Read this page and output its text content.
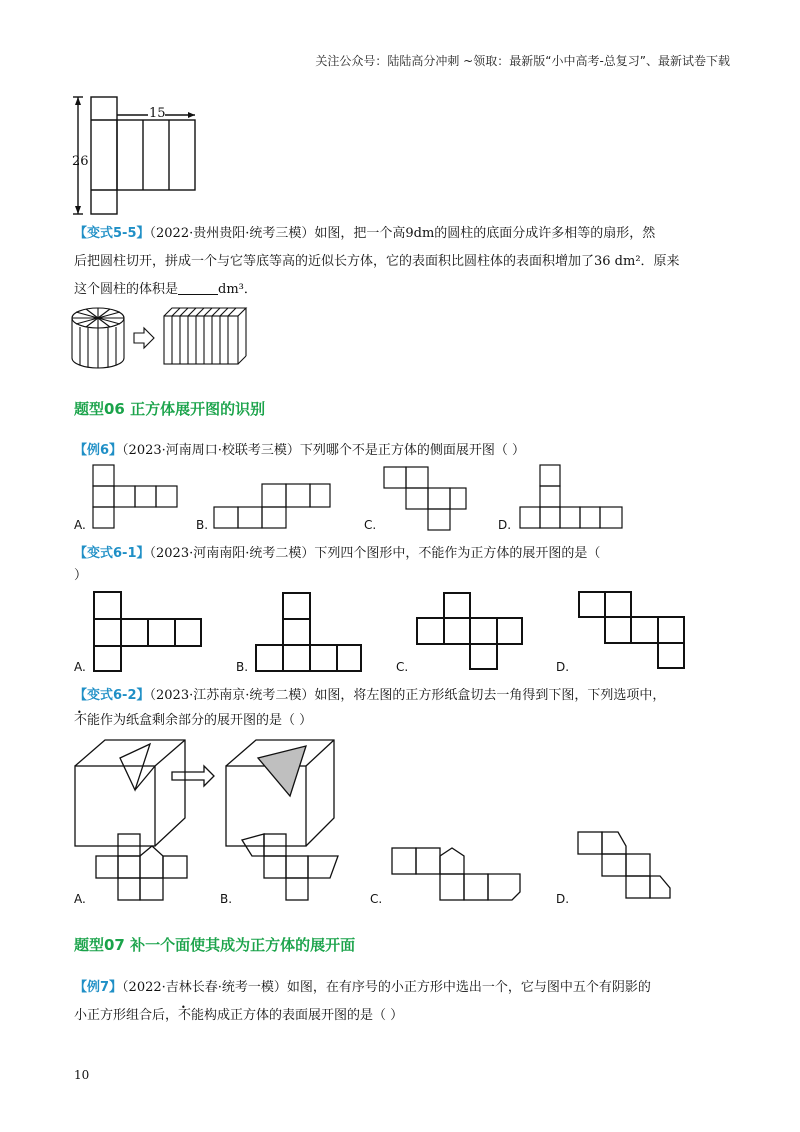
关注公众号：陆陆高分冲刺 ~领取：最新版“小中高考-总复习”、最新试卷下载
26
15
【变式5-5】（2022·贵州贵阳·统考三模）如图，把一个高9dm的圆柱的底面分成许多相等的扇形，然
后把圆柱切开，拼成一个与它等底等高的近似长方体，它的表面积比圆柱体的表面积增加了36 dm²．原来
这个圆柱的体积是	dm³．
题型06 正方体展开图的识别
【例6】（2023·河南周口·校联考三模）下列哪个不是正方体的侧面展开图（ ）
A.	B.	C.	D.
【变式6-1】（2023·河南南阳·统考二模）下列四个图形中，不能作为正方体的展开图的是（
）
A.	B.	C.	D.
【变式6-2】（2023·江苏南京·统考二模）如图，将左图的正方形纸盒切去一角得到下图，下列选项中，
不能作为纸盒剩余部分的展开图的是（ ）
A.	B.	C.	D.
题型07 补一个面使其成为正方体的展开面
【例7】（2022·吉林长春·统考一模）如图，在有序号的小正方形中选出一个，它与图中五个有阴影的
小正方形组合后，不能构成正方体的表面展开图的是（ ）
10
